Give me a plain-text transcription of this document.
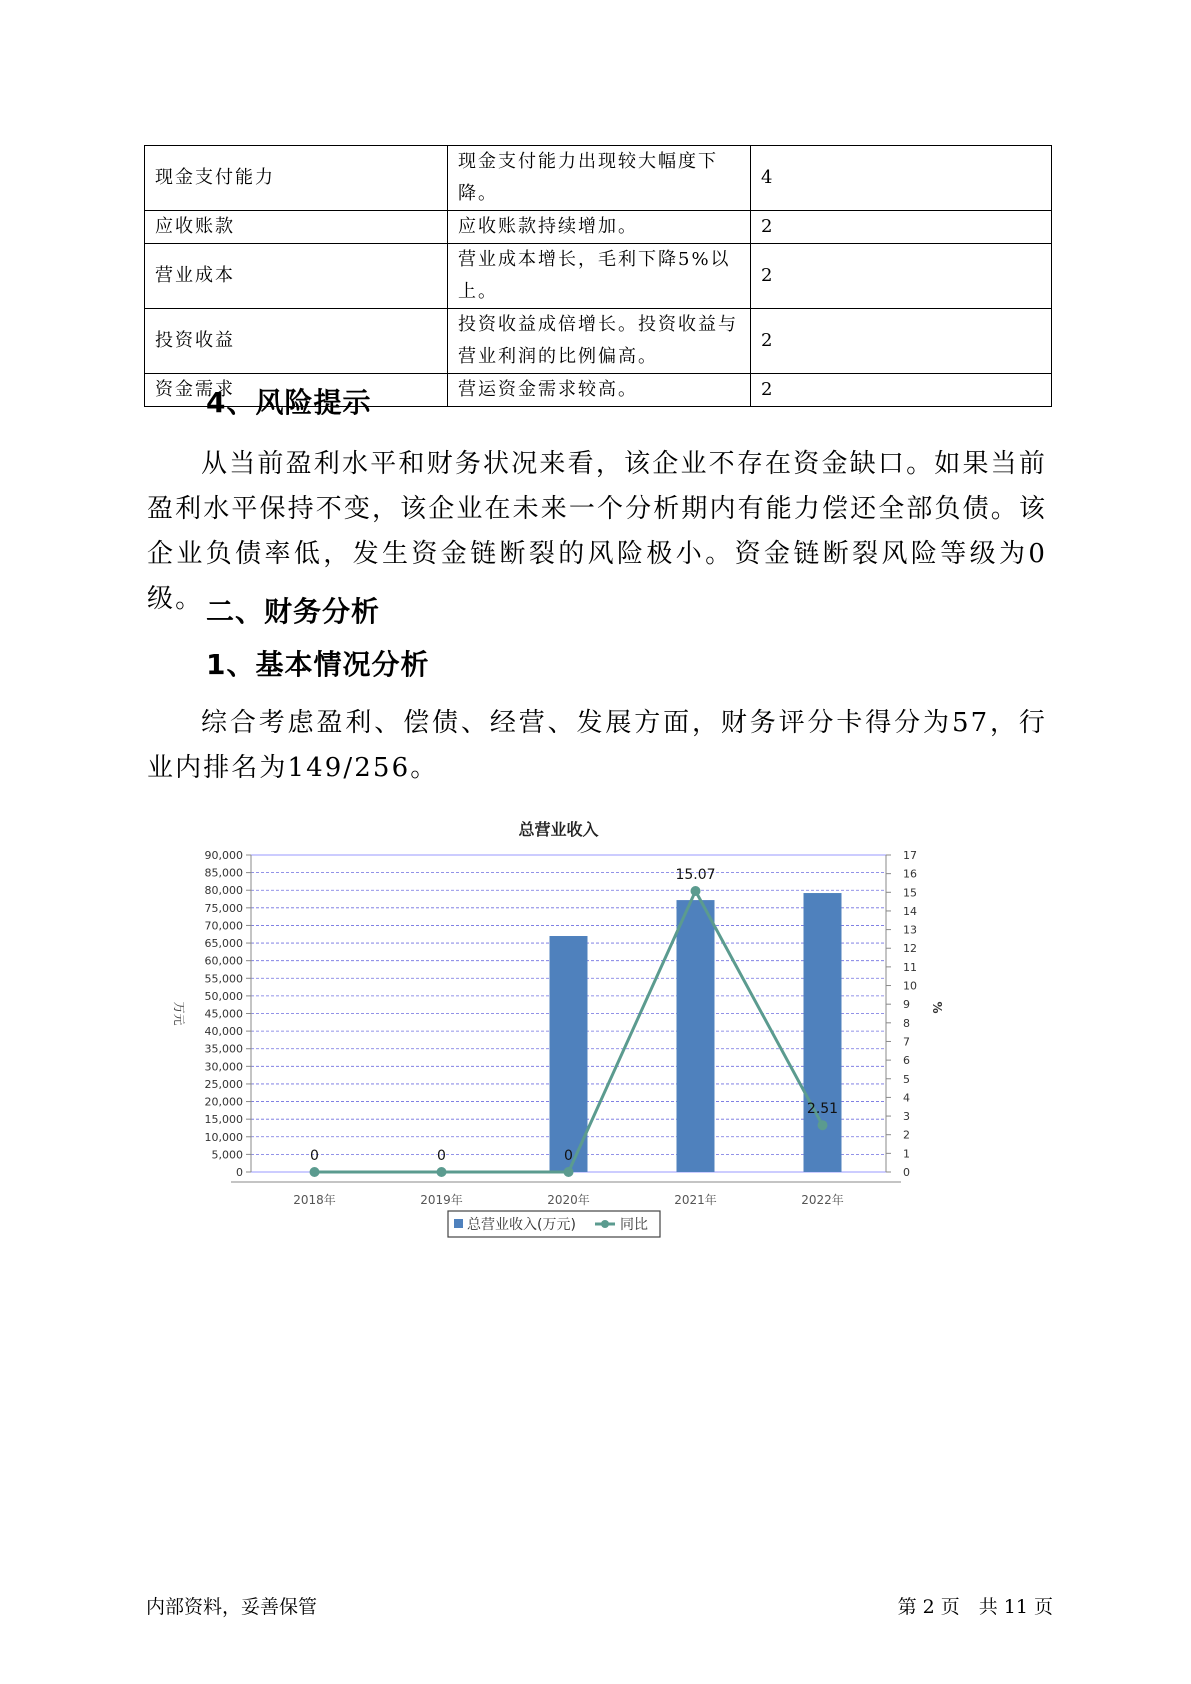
现金支付能力	现金支付能力出现较大幅度下降。	4
应收账款	应收账款持续增加。	2
营业成本	营业成本增长，毛利下降5%以上。	2
投资收益	投资收益成倍增长。投资收益与营业利润的比例偏高。	2
资金需求	营运资金需求较高。	2
4、风险提示
从当前盈利水平和财务状况来看，该企业不存在资金缺口。如果当前盈利水平保持不变，该企业在未来一个分析期内有能力偿还全部负债。该企业负债率低，发生资金链断裂的风险极小。资金链断裂风险等级为0级。 二、财务分析
1、基本情况分析
综合考虑盈利、偿债、经营、发展方面，财务评分卡得分为57，行业内排名为149/256。
总营业收入
0
5,000
10,000
15,000
20,000
25,000
30,000
35,000
40,000
45,000
50,000
55,000
60,000
65,000
70,000
75,000
80,000
85,000
90,000
0
1
2
3
4
5
6
7
8
9
10
11
12
13
14
15
16
17
万元	%
2018年	2019年	2020年	2021年	2022年
0	0	0
15.07
2.51
总营业收入(万元)	同比
内部资料，妥善保管	第 2 页　共 11 页
